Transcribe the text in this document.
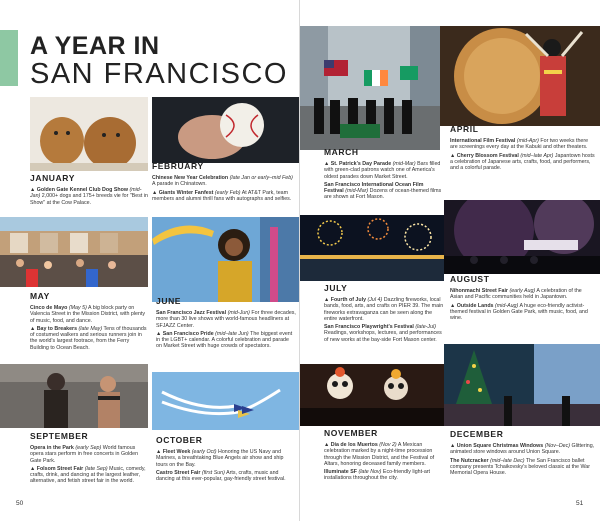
A YEAR IN
SAN FRANCISCO
JANUARY

▲ Golden Gate Kennel Club Dog Show (mid-Jan) 2,000+ dogs and 175+ breeds vie for "Best in Show" at the Cow Palace.

FEBRUARY

Chinese New Year Celebration (late Jan or early–mid Feb) A parade in Chinatown.

▲ Giants Winter Fanfest (early Feb) At AT&T Park, team members and alumni thrill fans with autographs and selfies.

MAY

Cinco de Mayo (May 5) A big block party on Valencia Street in the Mission District, with plenty of music, food, and dance.

▲ Bay to Breakers (late May) Tens of thousands of costumed walkers and serious runners join in the world's largest footrace, from the Ferry Building to Ocean Beach.

JUNE

San Francisco Jazz Festival (mid-Jun) For three decades, more than 30 live shows with world-famous headliners at SFJAZZ Center.

▲ San Francisco Pride (mid–late Jun) The biggest event in the LGBT+ calendar. A colorful celebration and parade on Market Street with huge crowds of spectators.

SEPTEMBER

Opera in the Park (early Sep) World famous opera stars perform in free concerts in Golden Gate Park.

▲ Folsom Street Fair (late Sep) Music, comedy, crafts, drink, and dancing at the largest leather, alternative, and fetish street fair in the world.

OCTOBER

▲ Fleet Week (early Oct) Honoring the US Navy and Marines, a breathtaking Blue Angels air show and ship tours on the Bay.

Castro Street Fair (first Sun) Arts, crafts, music and dancing at this ever-popular, gay-friendly street festival.

50
MARCH

▲ St. Patrick's Day Parade (mid-Mar) Bars filled with green-clad patrons watch one of America's oldest parades down Market Street.

San Francisco International Ocean Film Festival (mid-Mar) Dozens of ocean-themed films are shown at Fort Mason.

APRIL

International Film Festival (mid-Apr) For two weeks there are screenings every day at the Kabuki and other theaters.

▲ Cherry Blossom Festival (mid–late Apr) Japantown hosts a celebration of Japanese arts, crafts, food, and performers, and a colorful parade.

JULY

▲ Fourth of July (Jul 4) Dazzling fireworks, local bands, food, arts, and crafts on PIER 39. The main fireworks extravaganza can be seen along the entire waterfront.

San Francisco Playwright's Festival (late-Jul) Readings, workshops, lectures, and performances of new works at the bay-side Fort Mason center.

AUGUST

Nihonmachi Street Fair (early Aug) A celebration of the Asian and Pacific communities held in Japantown.

▲ Outside Lands (mid-Aug) A huge eco-friendly activist-themed festival in Golden Gate Park, with music, food, and wine.

NOVEMBER

▲ Día de los Muertos (Nov 2) A Mexican celebration marked by a night-time procession through the Mission District, and the Festival of Altars, honoring deceased family members.

Illuminate SF (late Nov) Eco-friendly light-art installations throughout the city.

DECEMBER

▲ Union Square Christmas Windows (Nov–Dec) Glittering, animated store windows around Union Square.

The Nutcracker (mid–late Dec) The San Francisco ballet company presents Tchaikovsky's beloved classic at the War Memorial Opera House.

51
